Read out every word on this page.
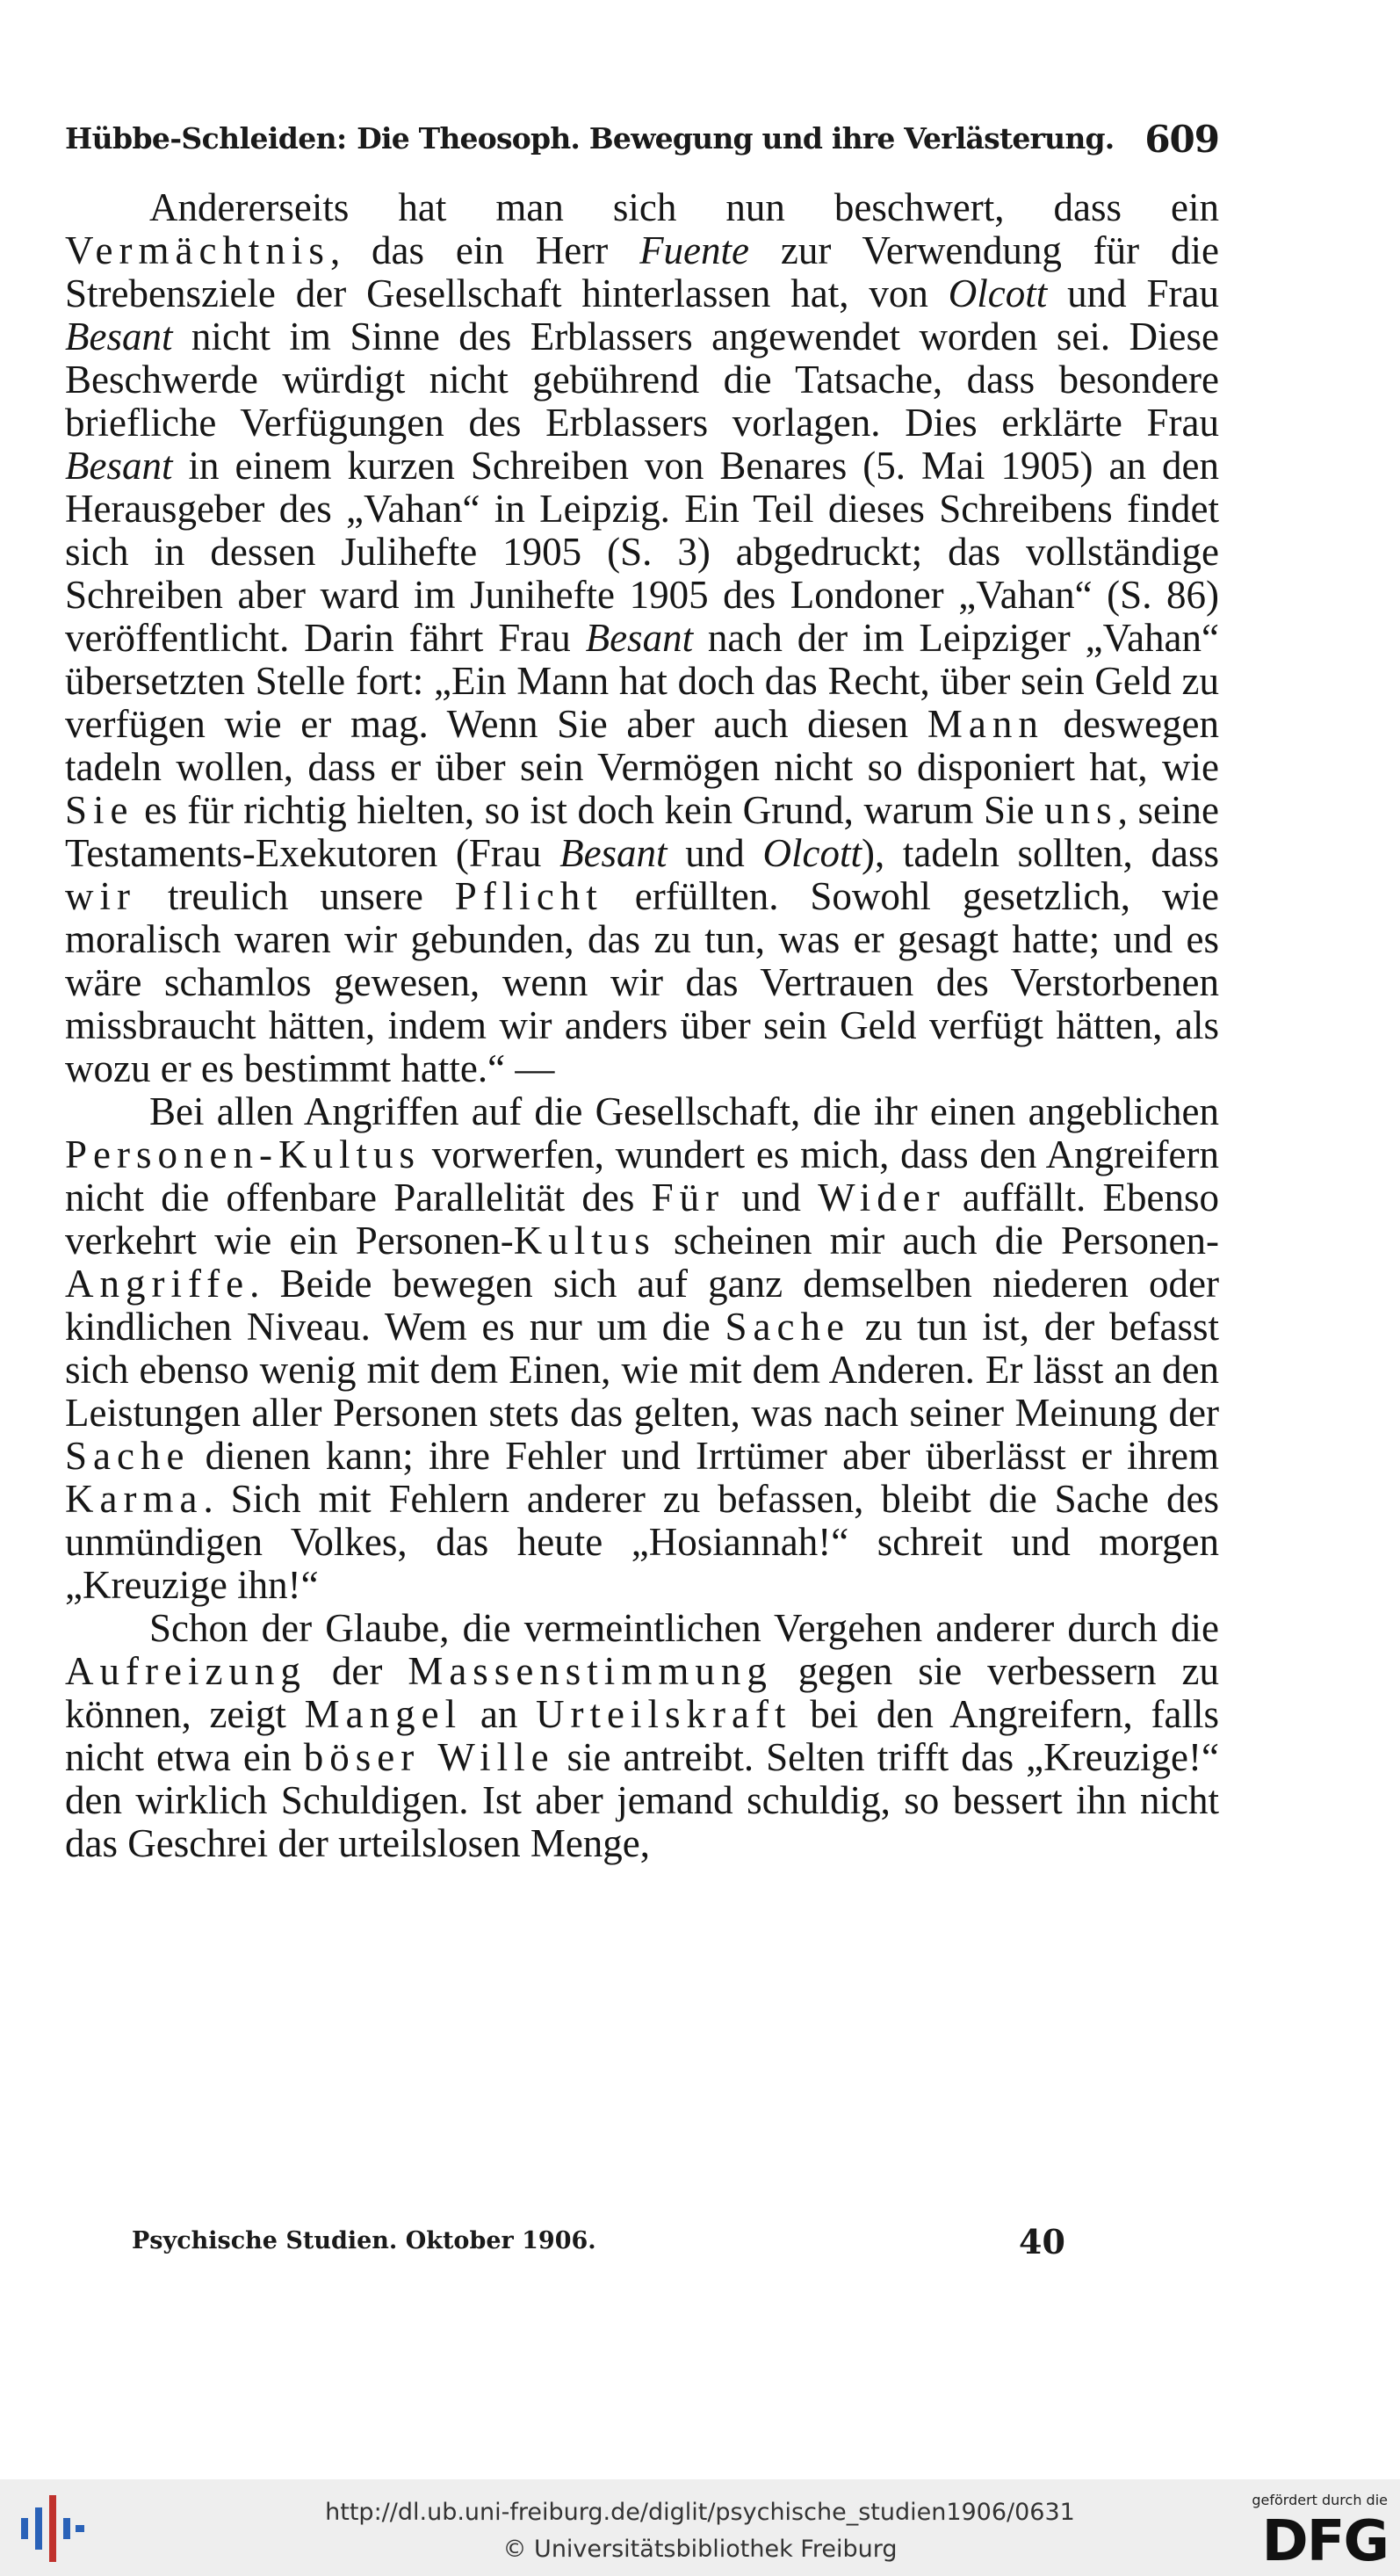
Hübbe-Schleiden: Die Theosoph. Bewegung und ihre Verlästerung. 609

Andererseits hat man sich nun beschwert, dass ein Vermächtnis, das ein Herr Fuente zur Verwendung für die Strebensziele der Gesellschaft hinterlassen hat, von Olcott und Frau Besant nicht im Sinne des Erblassers angewendet worden sei. Diese Beschwerde würdigt nicht gebührend die Tatsache, dass besondere briefliche Verfügungen des Erblassers vorlagen. Dies erklärte Frau Besant in einem kurzen Schreiben von Benares (5. Mai 1905) an den Herausgeber des „Vahan“ in Leipzig. Ein Teil dieses Schreibens findet sich in dessen Julihefte 1905 (S. 3) abgedruckt; das vollständige Schreiben aber ward im Junihefte 1905 des Londoner „Vahan“ (S. 86) veröffentlicht. Darin fährt Frau Besant nach der im Leipziger „Vahan“ übersetzten Stelle fort: „Ein Mann hat doch das Recht, über sein Geld zu verfügen wie er mag. Wenn Sie aber auch diesen Mann deswegen tadeln wollen, dass er über sein Vermögen nicht so disponiert hat, wie Sie es für richtig hielten, so ist doch kein Grund, warum Sie uns, seine Testaments-Exekutoren (Frau Besant und Olcott), tadeln sollten, dass wir treulich unsere Pflicht erfüllten. Sowohl gesetzlich, wie moralisch waren wir gebunden, das zu tun, was er gesagt hatte; und es wäre schamlos gewesen, wenn wir das Vertrauen des Verstorbenen missbraucht hätten, indem wir anders über sein Geld verfügt hätten, als wozu er es bestimmt hatte.“ —

Bei allen Angriffen auf die Gesellschaft, die ihr einen angeblichen Personen-Kultus vorwerfen, wundert es mich, dass den Angreifern nicht die offenbare Parallelität des Für und Wider auffällt. Ebenso verkehrt wie ein Personen-Kultus scheinen mir auch die Personen-Angriffe. Beide bewegen sich auf ganz demselben niederen oder kindlichen Niveau. Wem es nur um die Sache zu tun ist, der befasst sich ebenso wenig mit dem Einen, wie mit dem Anderen. Er lässt an den Leistungen aller Personen stets das gelten, was nach seiner Meinung der Sache dienen kann; ihre Fehler und Irrtümer aber überlässt er ihrem Karma. Sich mit Fehlern anderer zu befassen, bleibt die Sache des unmündigen Volkes, das heute „Hosiannah!“ schreit und morgen „Kreuzige ihn!“

Schon der Glaube, die vermeintlichen Vergehen anderer durch die Aufreizung der Massenstimmung gegen sie verbessern zu können, zeigt Mangel an Urteilskraft bei den Angreifern, falls nicht etwa ein böser Wille sie antreibt. Selten trifft das „Kreuzige!“ den wirklich Schuldigen. Ist aber jemand schuldig, so bessert ihn nicht das Geschrei der urteilslosen Menge,

Psychische Studien. Oktober 1906.	40
http://dl.ub.uni-freiburg.de/diglit/psychische_studien1906/0631
© Universitätsbibliothek Freiburg
gefördert durch die
DFG
